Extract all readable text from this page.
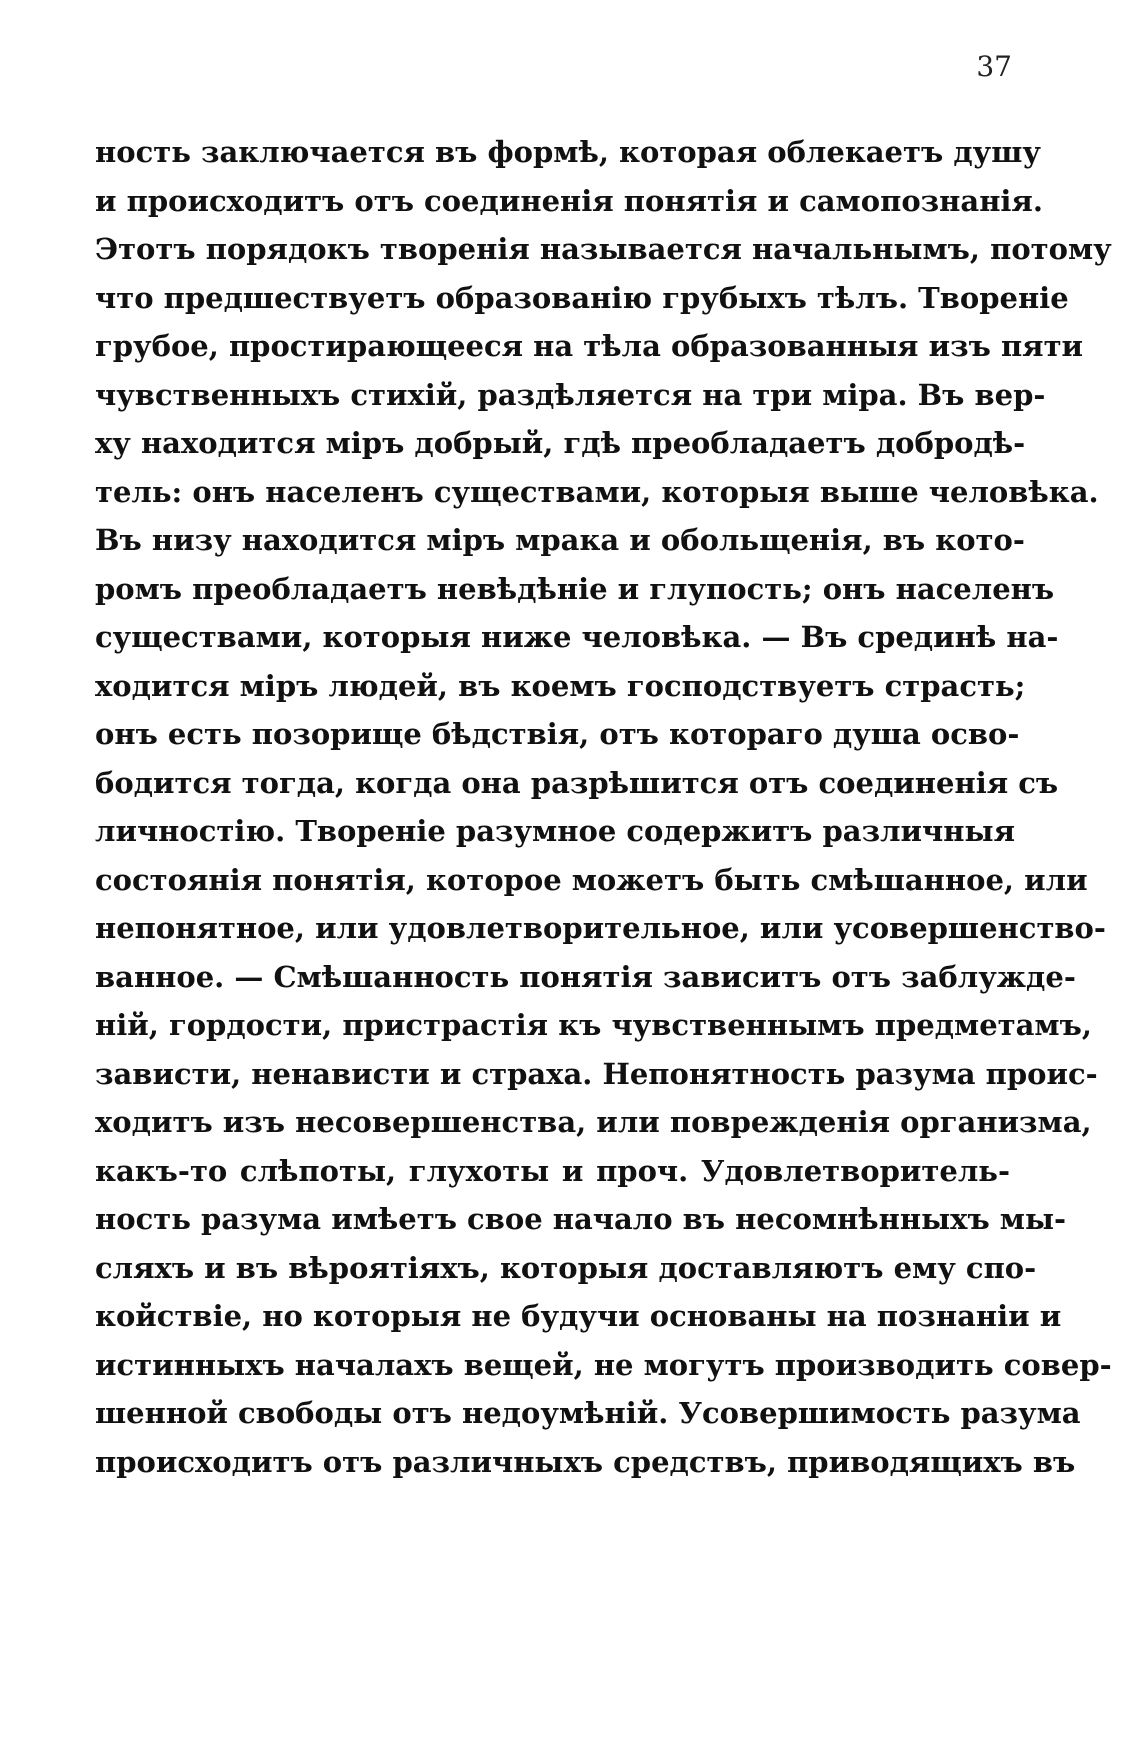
37
ность заключается въ формѣ, которая облекаетъ душу
и происходитъ отъ соединенія понятія и самопознанія.
Этотъ порядокъ творенія называется начальнымъ, потому
что предшествуетъ образованію грубыхъ тѣлъ. Твореніе
грубое, простирающееся на тѣла образованныя изъ пяти
чувственныхъ стихій, раздѣляется на три міра. Въ вер-
ху находится міръ добрый, гдѣ преобладаетъ добродѣ-
тель: онъ населенъ существами, которыя выше человѣка.
Въ низу находится міръ мрака и обольщенія, въ кото-
ромъ преобладаетъ невѣдѣніе и глупость; онъ населенъ
существами, которыя ниже человѣка. — Въ срединѣ на-
ходится міръ людей, въ коемъ господствуетъ страсть;
онъ есть позорище бѣдствія, отъ котораго душа осво-
бодится тогда, когда она разрѣшится отъ соединенія съ
личностію. Твореніе разумное содержитъ различныя
состоянія понятія, которое можетъ быть смѣшанное, или
непонятное, или удовлетворительное, или усовершенство-
ванное. — Смѣшанность понятія зависитъ отъ заблужде-
ній, гордости, пристрастія къ чувственнымъ предметамъ,
зависти, ненависти и страха. Непонятность разума проис-
ходитъ изъ несовершенства, или поврежденія организма,
какъ-то слѣпоты, глухоты и проч. Удовлетворитель-
ность разума имѣетъ свое начало въ несомнѣнныхъ мы-
сляхъ и въ вѣроятіяхъ, которыя доставляютъ ему спо-
койствіе, но которыя не будучи основаны на познаніи и
истинныхъ началахъ вещей, не могутъ производить совер-
шенной свободы отъ недоумѣній. Усовершимость разума
происходитъ отъ различныхъ средствъ, приводящихъ въ
